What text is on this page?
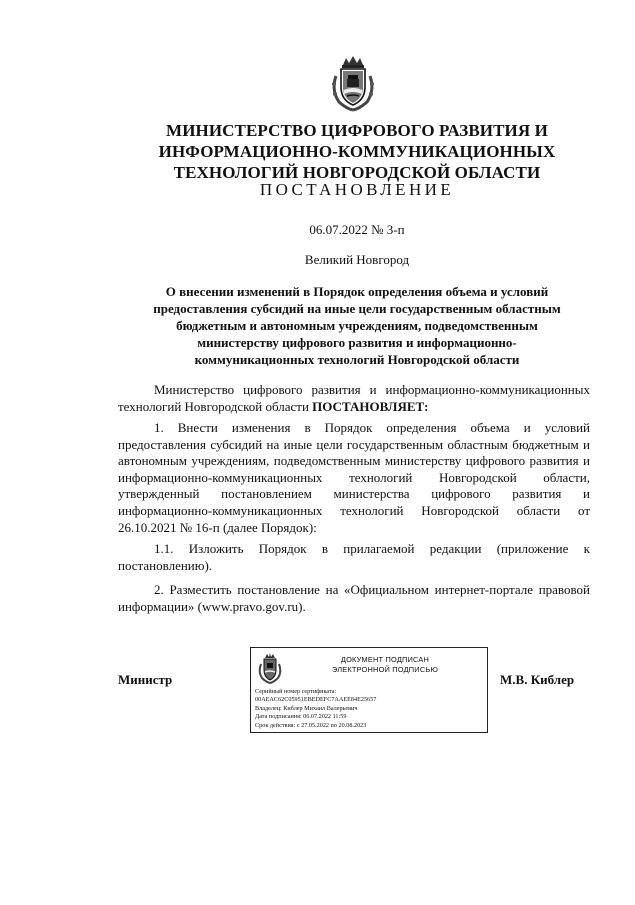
МИНИСТЕРСТВО ЦИФРОВОГО РАЗВИТИЯ И
ИНФОРМАЦИОННО-КОММУНИКАЦИОННЫХ
ТЕХНОЛОГИЙ НОВГОРОДСКОЙ ОБЛАСТИ
ПОСТАНОВЛЕНИЕ
06.07.2022 № 3-п
Великий Новгород
О внесении изменений в Порядок определения объема и условий
предоставления субсидий на иные цели государственным областным
бюджетным и автономным учреждениям, подведомственным
министерству цифрового развития и информационно-
коммуникационных технологий Новгородской области

Министерство цифрового развития и информационно-коммуникационных технологий Новгородской области ПОСТАНОВЛЯЕТ:

1. Внести изменения в Порядок определения объема и условий предоставления субсидий на иные цели государственным областным бюджетным и автономным учреждениям, подведомственным министерству цифрового развития и информационно-коммуникационных технологий Новгородской области, утвержденный постановлением министерства цифрового развития и информационно-коммуникационных технологий Новгородской области от 26.10.2021 № 16-п (далее Порядок):

1.1. Изложить Порядок в прилагаемой редакции (приложение к постановлению).

2. Разместить постановление на «Официальном интернет-портале правовой информации» (www.pravo.gov.ru).

Министр	М.В. Киблер
ДОКУМЕНТ ПОДПИСАН
ЭЛЕКТРОННОЙ ПОДПИСЬЮ
Серийный номер сертификата:
00AEAC62C05951EBEDEFC7AAEE84E25657
Владелец: Киблер Михаил Валерьевич
Дата подписания: 06.07.2022 11:59
Срок действия: с 27.05.2022 по 20.08.2023
